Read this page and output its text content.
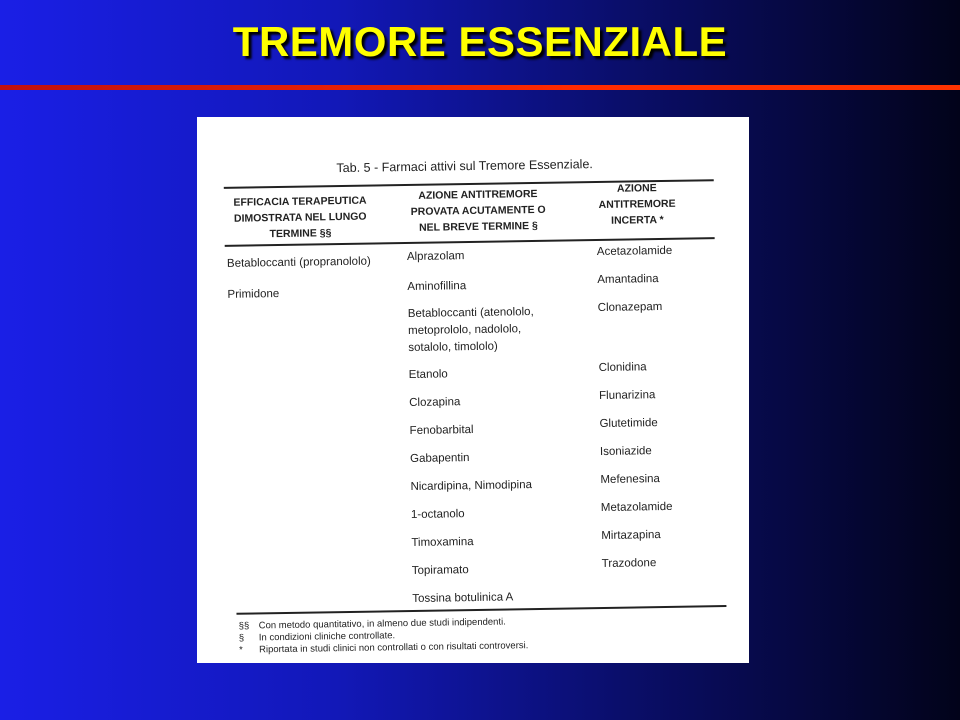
TREMORE ESSENZIALE
Tab. 5 - Farmaci attivi sul Tremore Essenziale.
EFFICACIA TERAPEUTICA DIMOSTRATA NEL LUNGO TERMINE §§
AZIONE ANTITREMORE PROVATA ACUTAMENTE O NEL BREVE TERMINE §
AZIONE ANTITREMORE INCERTA *
Betabloccanti (propranololo)
Primidone
Alprazolam
Aminofillina
Betabloccanti (atenololo, metoprololo, nadololo, sotalolo, timololo)
Etanolo
Clozapina
Fenobarbital
Gabapentin
Nicardipina, Nimodipina
1-octanolo
Timoxamina
Topiramato
Tossina botulinica A
Acetazolamide
Amantadina
Clonazepam
Clonidina
Flunarizina
Glutetimide
Isoniazide
Mefenesina
Metazolamide
Mirtazapina
Trazodone
§§ Con metodo quantitativo, in almeno due studi indipendenti.
§	In condizioni cliniche controllate.
*	Riportata in studi clinici non controllati o con risultati controversi.
